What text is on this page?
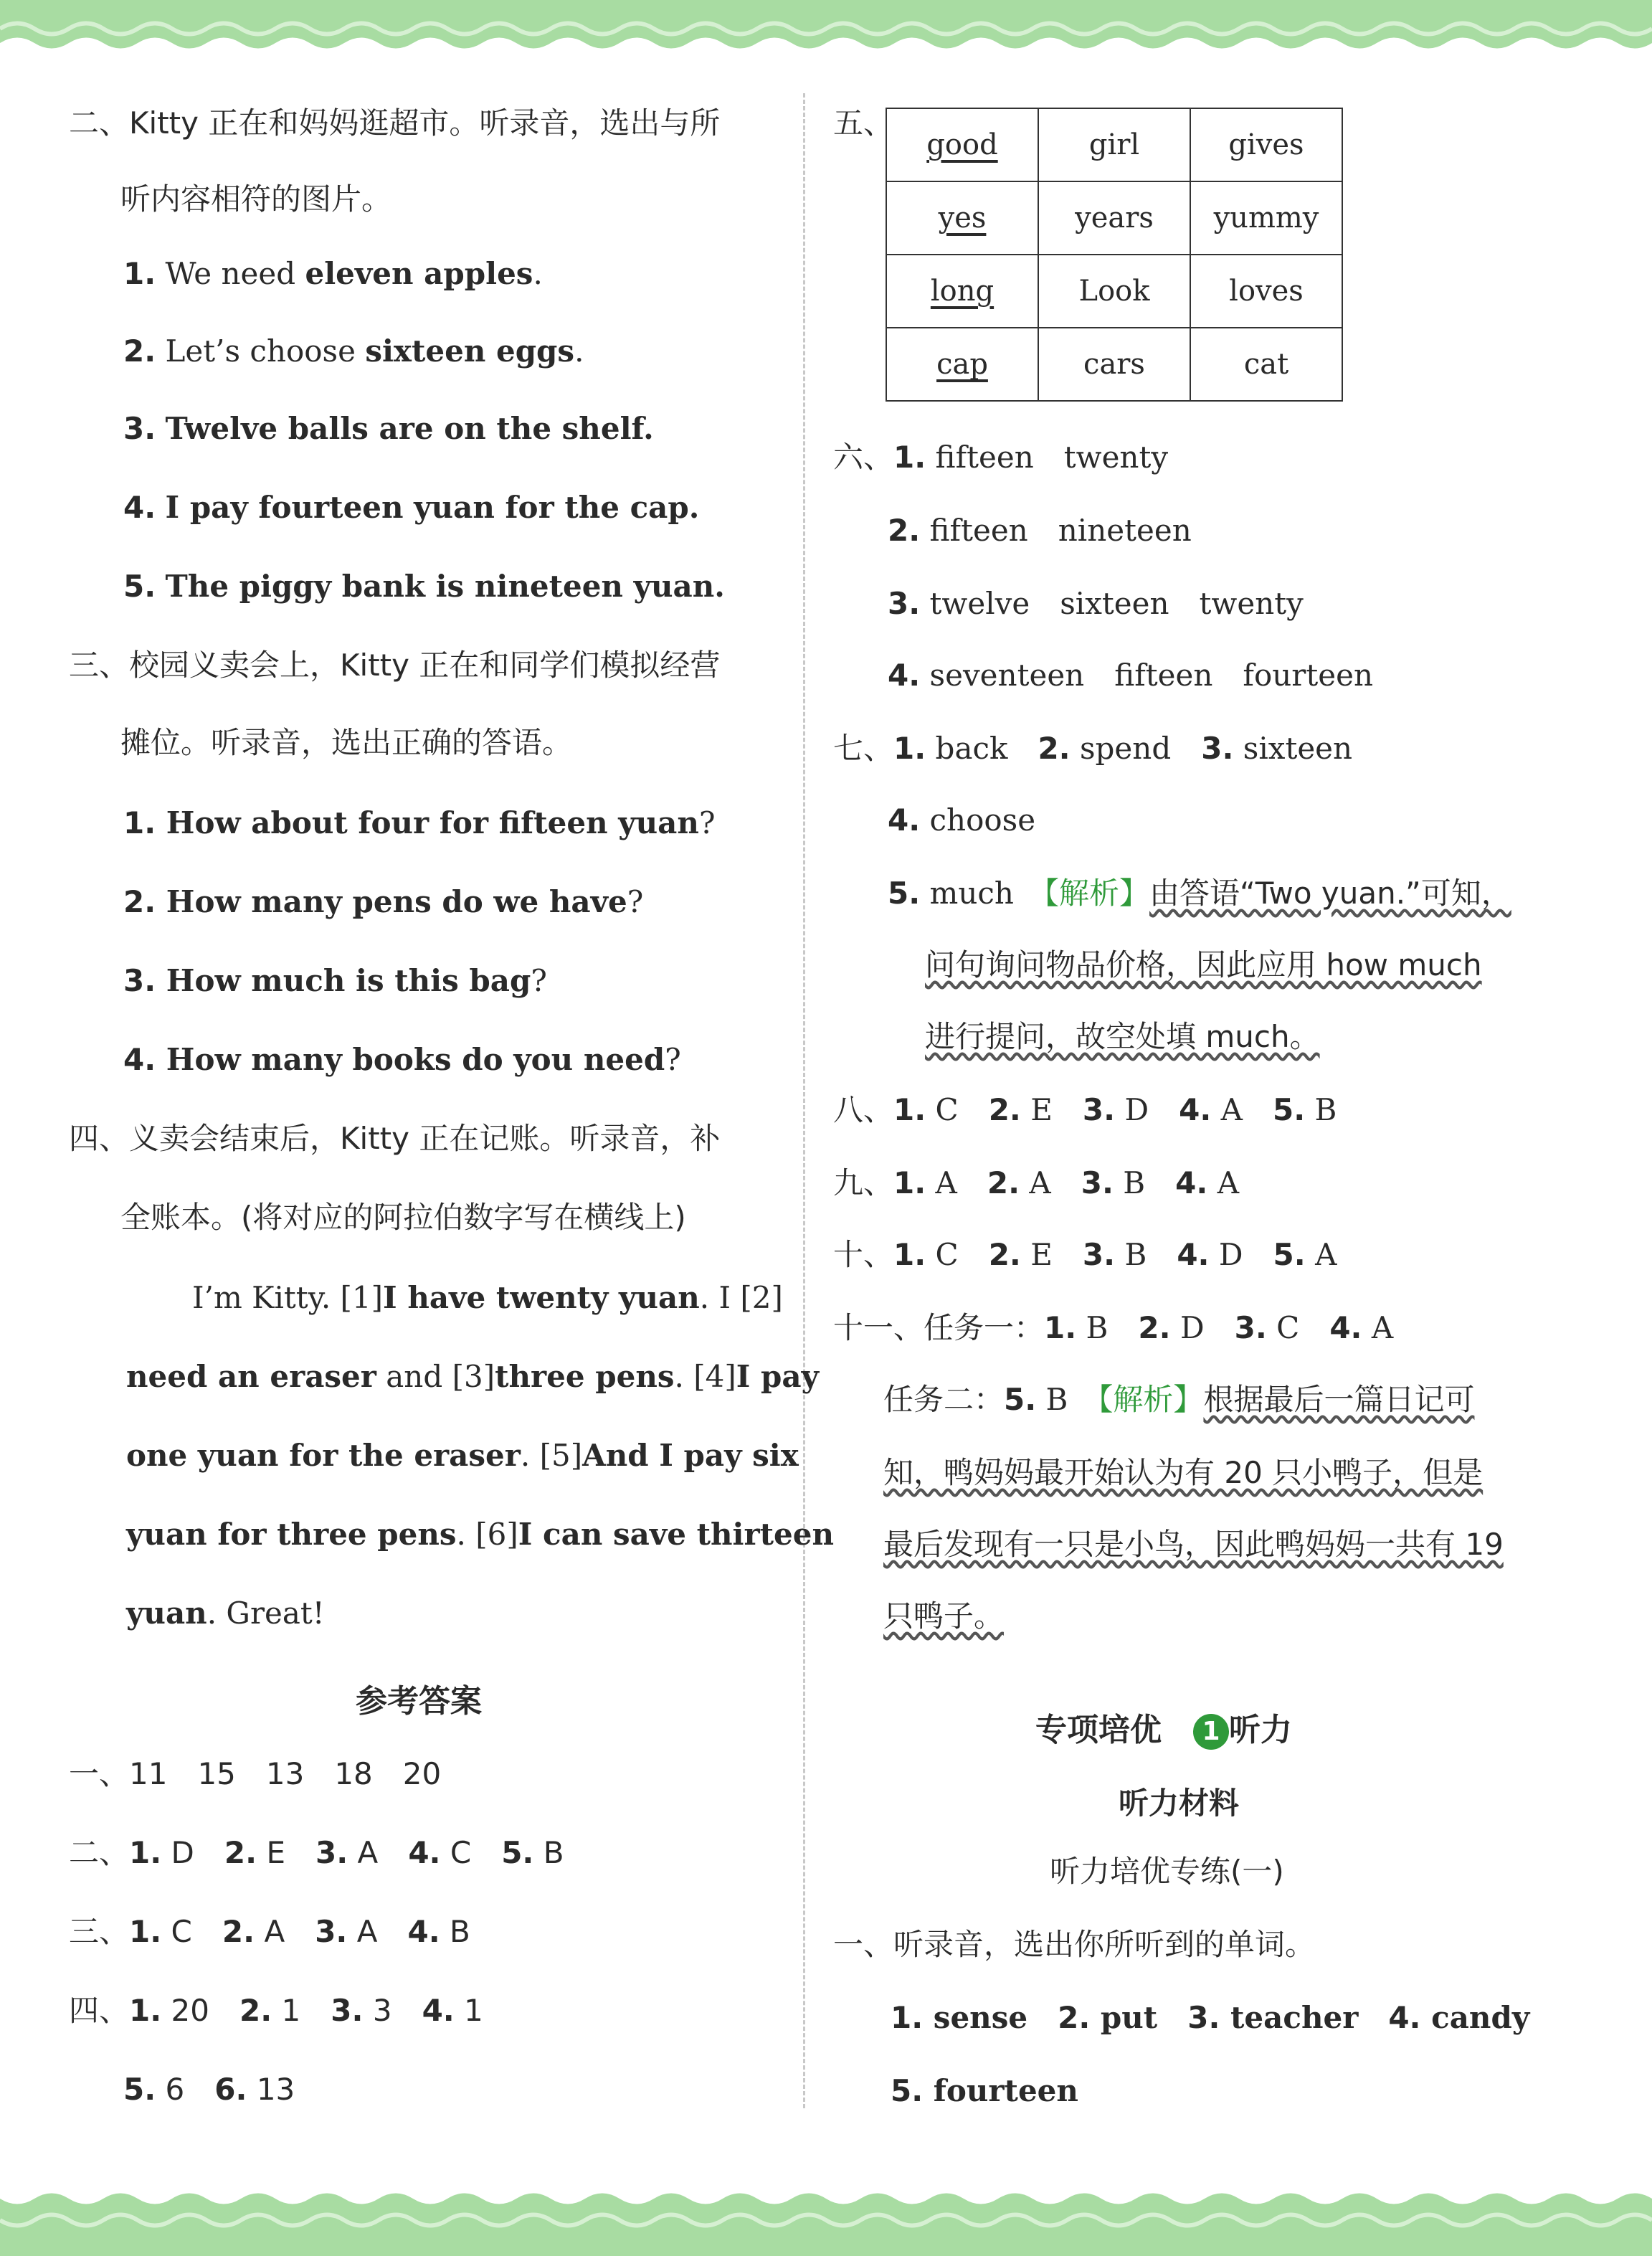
二、Kitty 正在和妈妈逛超市。听录音，选出与所
听内容相符的图片。
1. We need eleven apples.
2. Let’s choose sixteen eggs.
3. Twelve balls are on the shelf.
4. I pay fourteen yuan for the cap.
5. The piggy bank is nineteen yuan.
三、校园义卖会上，Kitty 正在和同学们模拟经营
摊位。听录音，选出正确的答语。
1. How about four for fifteen yuan?
2. How many pens do we have?
3. How much is this bag?
4. How many books do you need?
四、义卖会结束后，Kitty 正在记账。听录音，补
全账本。(将对应的阿拉伯数字写在横线上)
I’m Kitty. [1]I have twenty yuan. I [2]
need an eraser and [3]three pens. [4]I pay
one yuan for the eraser. [5]And I pay six
yuan for three pens. [6]I can save thirteen
yuan. Great!
参考答案
一、11　15　13　18　20
二、1. D　 2. E　 3. A　 4. C　 5. B
三、1. C　 2. A　 3. A　 4. B
四、1. 20　 2. 1　 3. 3　 4. 1
5. 6　 6. 13
五、
good	girl	gives
yes	years	yummy
long	Look	loves
cap	cars	cat
六、1. fifteen　twenty
2. fifteen　nineteen
3. twelve　sixteen　twenty
4. seventeen　fifteen　fourteen
七、1. back　2. spend　3. sixteen
4. choose
5. much　【解析】由答语“Two yuan.”可知，
问句询问物品价格，因此应用 how much
进行提问，故空处填 much。
八、1. C　2. E　3. D　4. A　5. B
九、1. A　2. A　3. B　4. A
十、1. C　2. E　3. B　4. D　5. A
十一、任务一：1. B　2. D　3. C　4. A
任务二：5. B　【解析】根据最后一篇日记可
知，鸭妈妈最开始认为有 20 只小鸭子，但是
最后发现有一只是小鸟，因此鸭妈妈一共有 19
只鸭子。
专项培优　 1 听力
听力材料
听力培优专练(一)
一、听录音，选出你所听到的单词。
1. sense　2. put　3. teacher　4. candy
5. fourteen
